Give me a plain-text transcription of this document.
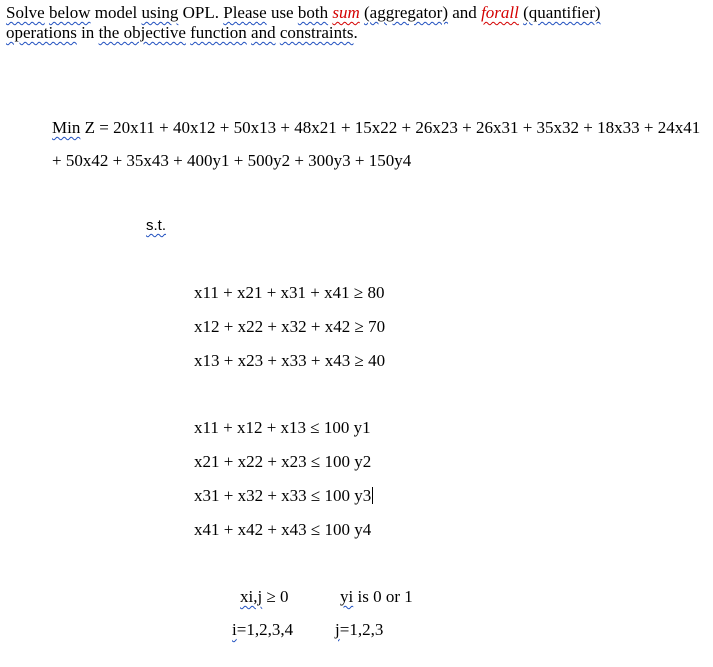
Solve below model using OPL. Please use both sum (aggregator) and forall (quantifier)
operations in the objective function and constraints.
Min Z = 20x11 + 40x12 + 50x13 + 48x21 + 15x22 + 26x23 + 26x31 + 35x32 + 18x33 + 24x41
+ 50x42 + 35x43 + 400y1 + 500y2 + 300y3 + 150y4
s.t.
x11 + x21 + x31 + x41 ≥ 80
x12 + x22 + x32 + x42 ≥ 70
x13 + x23 + x33 + x43 ≥ 40
x11 + x12 + x13 ≤ 100 y1
x21 + x22 + x23 ≤ 100 y2
x31 + x32 + x33 ≤ 100 y3
x41 + x42 + x43 ≤ 100 y4
xi,j ≥ 0	yi is 0 or 1
i=1,2,3,4 j=1,2,3
